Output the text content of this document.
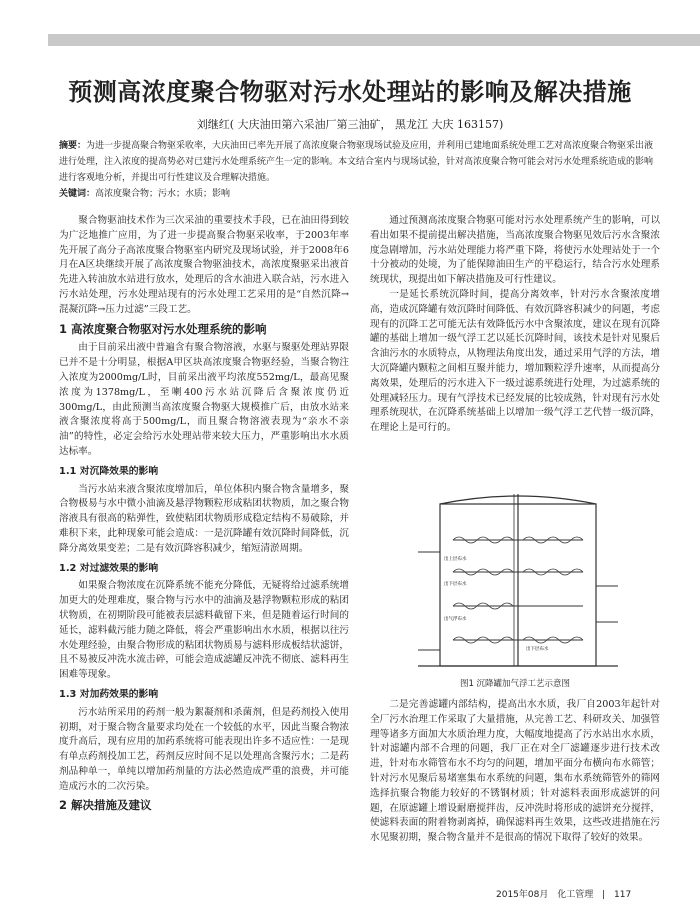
预测高浓度聚合物驱对污水处理站的影响及解决措施
刘继红( 大庆油田第六采油厂第三油矿， 黑龙江 大庆 163157)
摘要：为进一步提高聚合物驱采收率，大庆油田已率先开展了高浓度聚合物驱现场试验及应用，并利用已建地面系统处理工艺对高浓度聚合物驱采出液进行处理，注入浓度的提高势必对已建污水处理系统产生一定的影响。本文结合室内与现场试验，针对高浓度聚合物可能会对污水处理系统造成的影响进行客观地分析，并提出可行性建议及合理解决措施。
关键词：高浓度聚合物；污水；水质；影响

聚合物驱油技术作为三次采油的重要技术手段，已在油田得到较为广泛地推广应用，为了进一步提高聚合物驱采收率，于2003年率先开展了高分子高浓度聚合物驱室内研究及现场试验，并于2008年6月在A区块继续开展了高浓度聚合物驱油技术，高浓度聚驱采出液首先进入转油放水站进行放水，处理后的含水油进入联合站，污水进入污水站处理，污水处理站现有的污水处理工艺采用的是“自然沉降→混凝沉降→压力过滤”三段工艺。

1 高浓度聚合物驱对污水处理系统的影响

由于目前采出液中普遍含有聚合物溶液，水驱与聚驱处理站界限已并不是十分明显，根据A甲区块高浓度聚合物驱经验，当聚合物注入浓度为2000mg/L时，目前采出液平均浓度552mg/L，最高见聚浓度为1378mg/L，至喇400污水站沉降后含聚浓度仍近300mg/L，由此预测当高浓度聚合物驱大规模推广后，由放水站来液含聚浓度将高于500mg/L，而且聚合物溶液表现为“亲水不亲油”的特性，必定会给污水处理站带来较大压力，严重影响出水水质达标率。

1.1 对沉降效果的影响

当污水站来液含聚浓度增加后，单位体积内聚合物含量增多，聚合物极易与水中微小油滴及悬浮物颗粒形成粘团状物质，加之聚合物溶液具有很高的粘弹性，致使粘团状物质形成稳定结构不易破除，并难积下来，此种现象可能会造成：一是沉降罐有效沉降时间降低，沉降分离效果变差；二是有效沉降容积减少，缩短清淤周期。

1.2 对过滤效果的影响

如果聚合物浓度在沉降系统不能充分降低，无疑将给过滤系统增加更大的处理难度，聚合物与污水中的油滴及悬浮物颗粒形成的粘团状物质，在初期阶段可能被表层滤料截留下来，但是随着运行时间的延长，滤料截污能力随之降低，将会严重影响出水水质，根据以往污水处理经验，由聚合物形成的粘团状物质易与滤料形成板结状滤饼，且不易被反冲洗水流击碎，可能会造成滤罐反冲洗不彻底、滤料再生困难等现象。

1.3 对加药效果的影响

污水站所采用的药剂一般为絮凝剂和杀菌剂，但是药剂投入使用初期，对于聚合物含量要求均处在一个较低的水平，因此当聚合物浓度升高后，现有应用的加药系统将可能表现出许多不适应性：一是现有单点药剂投加工艺，药剂反应时间不足以处理高含聚污水；二是药剂品种单一，单纯以增加药剂量的方法必然造成严重的浪费，并可能造成污水的二次污染。

2 解决措施及建议

通过预测高浓度聚合物驱可能对污水处理系统产生的影响，可以看出如果不提前提出解决措施，当高浓度聚合物驱见效后污水含聚浓度急剧增加，污水站处理能力将严重下降，将使污水处理站处于一个十分被动的处境，为了能保障油田生产的平稳运行，结合污水处理系统现状，现提出如下解决措施及可行性建议。

一是延长系统沉降时间，提高分离效率，针对污水含聚浓度增高，造成沉降罐有效沉降时间降低、有效沉降容积减少的问题，考虑现有的沉降工艺可能无法有效降低污水中含聚浓度，建议在现有沉降罐的基础上增加一级气浮工艺以延长沉降时间，该技术是针对见聚后含油污水的水质特点，从物理法角度出发，通过采用气浮的方法，增大沉降罐内颗粒之间相互聚并能力，增加颗粒浮升速率，从而提高分离效果，处理后的污水进入下一级过滤系统进行处理，为过滤系统的处理减轻压力。现有气浮技术已经发展的比较成熟，针对现有污水处理系统现状，在沉降系统基础上以增加一级气浮工艺代替一级沉降，在理论上是可行的。

出上层布水
出下层布水
出气浮布水
出下层布水
图1 沉降罐加气浮工艺示意图

二是完善滤罐内部结构，提高出水水质，我厂自2003年起针对全厂污水治理工作采取了大量措施，从完善工艺、科研攻关、加强管理等诸多方面加大水质治理力度，大幅度地提高了污水站出水水质，针对滤罐内部不合理的问题，我厂正在对全厂滤罐逐步进行技术改进，针对布水筛管布水不均匀的问题，增加平面分布横向布水筛管；针对污水见聚后易堵塞集布水系统的问题，集布水系统筛管外的筛网选择抗聚合物能力较好的不锈钢材质；针对滤料表面形成滤饼的问题，在原滤罐上增设耐磨搅拌齿，反冲洗时将形成的滤饼充分搅拌，使滤料表面的附着物剥离掉，确保滤料再生效果，这些改进措施在污水见聚初期，聚合物含量并不是很高的情况下取得了较好的效果。

2015年08月 化工管理 | 117
